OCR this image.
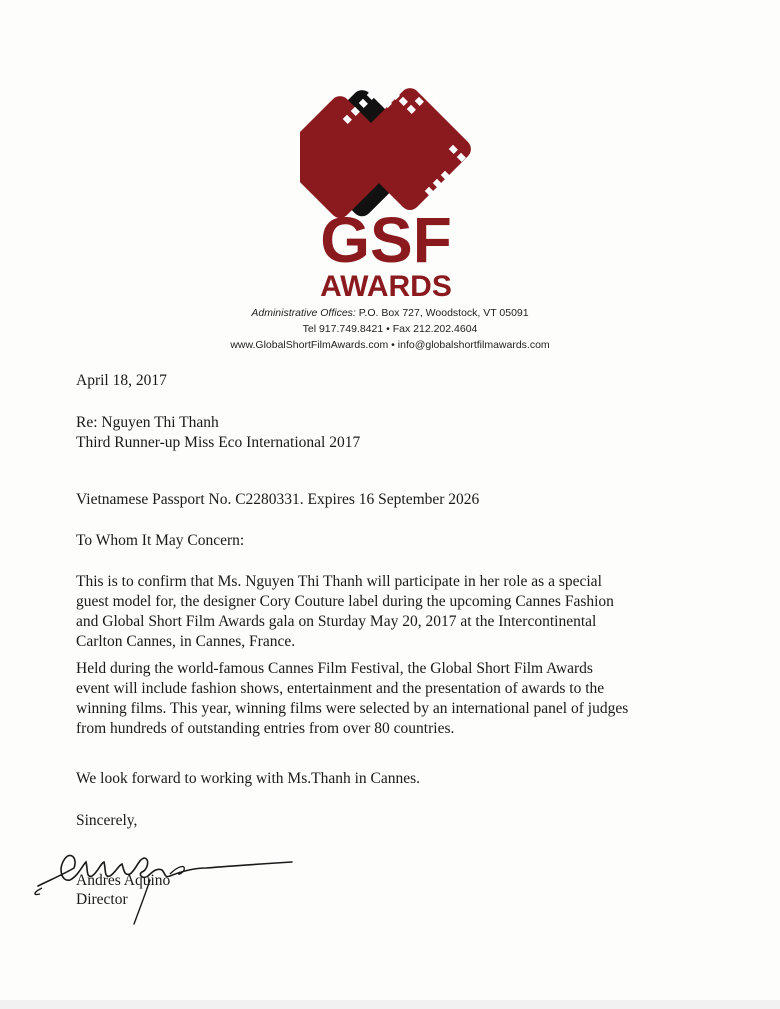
GSF
AWARDS
Administrative Offices: P.O. Box 727, Woodstock, VT 05091
Tel 917.749.8421 • Fax 212.202.4604
www.GlobalShortFilmAwards.com • info@globalshortfilmawards.com
April 18, 2017
Re: Nguyen Thi Thanh
Third Runner-up Miss Eco International 2017
Vietnamese Passport No. C2280331. Expires 16 September 2026
To Whom It May Concern:
This is to confirm that Ms. Nguyen Thi Thanh will participate in her role as a special
guest model for, the designer Cory Couture label during the upcoming Cannes Fashion
and Global Short Film Awards gala on Sturday May 20, 2017 at the Intercontinental
Carlton Cannes, in Cannes, France.
Held during the world-famous Cannes Film Festival, the Global Short Film Awards
event will include fashion shows, entertainment and the presentation of awards to the
winning films. This year, winning films were selected by an international panel of judges
from hundreds of outstanding entries from over 80 countries.
We look forward to working with Ms.Thanh in Cannes.
Sincerely,
Andres Aquino
Director
